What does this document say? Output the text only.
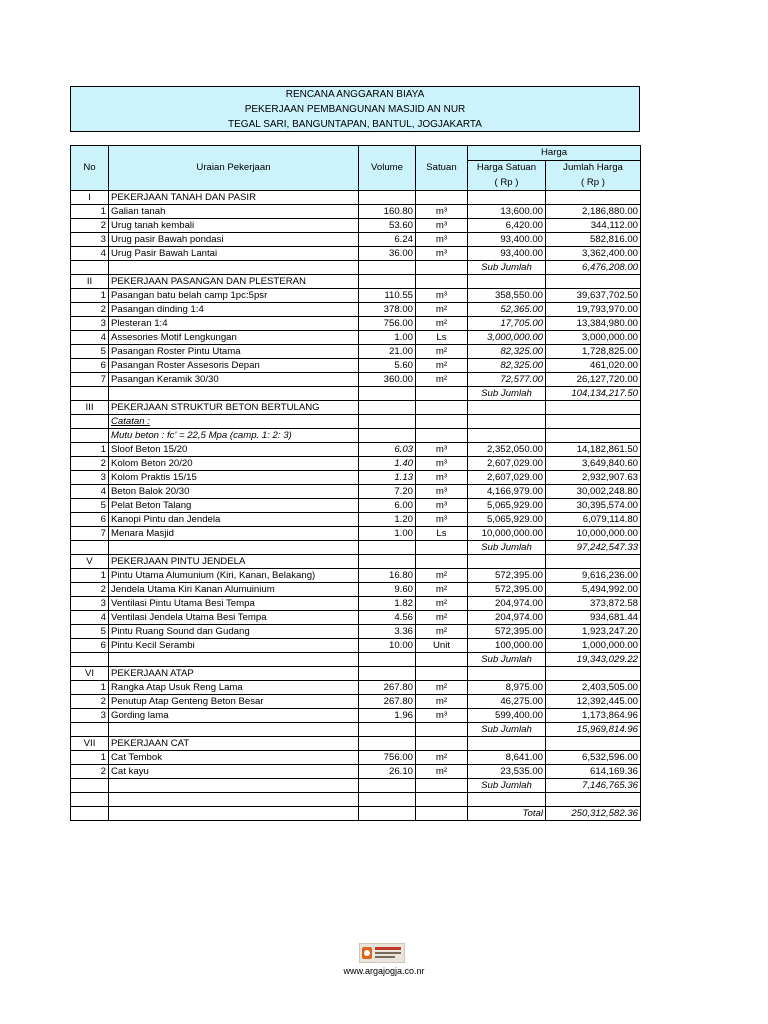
RENCANA ANGGARAN BIAYA
PEKERJAAN PEMBANGUNAN MASJID AN NUR
TEGAL SARI, BANGUNTAPAN, BANTUL, JOGJAKARTA
No	Uraian Pekerjaan	Volume	Satuan	Harga	
				Harga Satuan	Jumlah Harga
				( Rp )	( Rp )
I	PEKERJAAN TANAH DAN PASIR				
1	Galian tanah	160.80	m³	13,600.00	2,186,880.00
2	Urug tanah kembali	53.60	m³	6,420.00	344,112.00
3	Urug pasir Bawah pondasi	6.24	m³	93,400.00	582,816.00
4	Urug Pasir Bawah Lantai	36.00	m³	93,400.00	3,362,400.00
				Sub Jumlah	6,476,208.00
II	PEKERJAAN PASANGAN DAN PLESTERAN				
1	Pasangan batu belah camp 1pc:5psr	110.55	m³	358,550.00	39,637,702.50
2	Pasangan dinding 1:4	378.00	m²	52,365.00	19,793,970.00
3	Plesteran 1:4	756.00	m²	17,705.00	13,384,980.00
4	Assesories Motif Lengkungan	1.00	Ls	3,000,000.00	3,000,000.00
5	Pasangan Roster Pintu Utama	21.00	m²	82,325.00	1,728,825.00
6	Pasangan Roster Assesoris Depan	5.60	m²	82,325.00	461,020.00
7	Pasangan Keramik 30/30	360.00	m²	72,577.00	26,127,720.00
				Sub Jumlah	104,134,217.50
III	PEKERJAAN STRUKTUR BETON BERTULANG				
	Catatan :				
	Mutu beton : fc' = 22,5 Mpa (camp. 1: 2: 3)				
1	Sloof Beton 15/20	6.03	m³	2,352,050.00	14,182,861.50
2	Kolom Beton 20/20	1.40	m³	2,607,029.00	3,649,840.60
3	Kolom Praktis 15/15	1.13	m³	2,607,029.00	2,932,907.63
4	Beton Balok 20/30	7.20	m³	4,166,979.00	30,002,248.80
5	Pelat Beton Talang	6.00	m³	5,065,929.00	30,395,574.00
6	Kanopi Pintu dan Jendela	1.20	m³	5,065,929.00	6,079,114.80
7	Menara Masjid	1.00	Ls	10,000,000.00	10,000,000.00
				Sub Jumlah	97,242,547.33
V	PEKERJAAN PINTU JENDELA				
1	Pintu Utama Alumunium (Kiri, Kanan, Belakang)	16.80	m²	572,395.00	9,616,236.00
2	Jendela Utama Kiri Kanan Alumuinium	9.60	m²	572,395.00	5,494,992.00
3	Ventilasi Pintu Utama Besi Tempa	1.82	m²	204,974.00	373,872.58
4	Ventilasi Jendela Utama Besi Tempa	4.56	m²	204,974.00	934,681.44
5	Pintu Ruang Sound dan Gudang	3.36	m²	572,395.00	1,923,247.20
6	Pintu Kecil Serambi	10.00	Unit	100,000.00	1,000,000.00
				Sub Jumlah	19,343,029.22
VI	PEKERJAAN ATAP				
1	Rangka Atap Usuk Reng Lama	267.80	m²	8,975.00	2,403,505.00
2	Penutup Atap Genteng Beton Besar	267.80	m²	46,275.00	12,392,445.00
3	Gording lama	1.96	m³	599,400.00	1,173,864.96
				Sub Jumlah	15,969,814.96
VII	PEKERJAAN CAT				
1	Cat Tembok	756.00	m²	8,641.00	6,532,596.00
2	Cat kayu	26.10	m²	23,535.00	614,169.36
				Sub Jumlah	7,146,765.36

				Total	250,312,582.36
www.argajogja.co.nr
